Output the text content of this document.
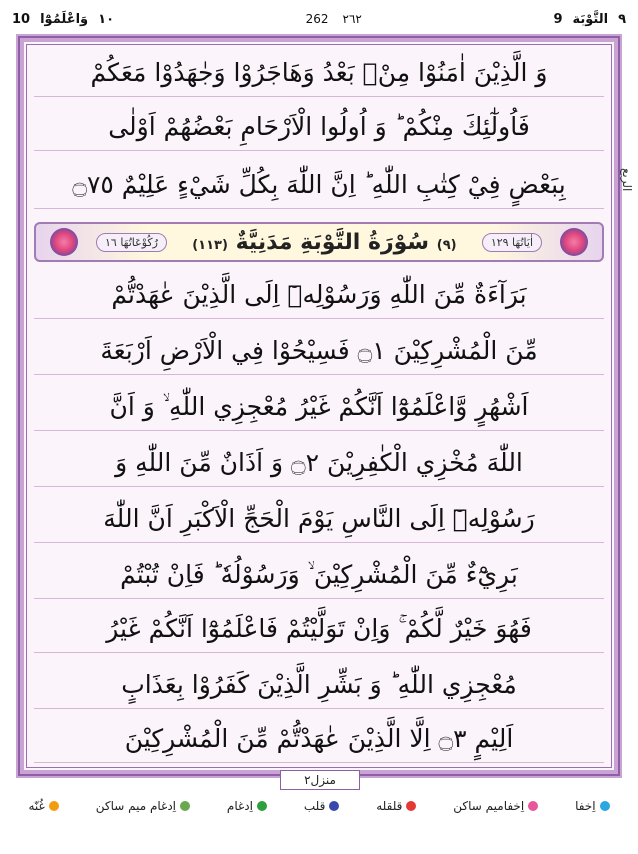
10 وَاعْلَمُوْٓا ١٠	262 ٢٦٢	9 التَّوْبَة ٩
الربع
وَ الَّذِيْنَ اٰمَنُوْا مِنْۢ بَعْدُ وَهَاجَرُوْا وَجٰهَدُوْا مَعَكُمْ
فَاُولٰٓئِكَ مِنْكُمْ ؕ وَ اُولُوا الْاَرْحَامِ بَعْضُهُمْ اَوْلٰى
بِبَعْضٍ فِيْ كِتٰبِ اللّٰهِ ؕ اِنَّ اللّٰهَ بِكُلِّ شَيْءٍ عَلِيْمٌ ۝٧٥
اٰيَاتُهَا ١٢٩
(٩) سُوْرَةُ التَّوْبَةِ مَدَنِيَّةٌ (١١٣)
رُكُوْعَاتُهَا ١٦
بَرَآءَةٌ مِّنَ اللّٰهِ وَرَسُوْلِهٖٓ اِلَى الَّذِيْنَ عٰهَدْتُّمْ
مِّنَ الْمُشْرِكِيْنَ ۝١ فَسِيْحُوْا فِي الْاَرْضِ اَرْبَعَةَ
اَشْهُرٍ وَّاعْلَمُوْٓا اَنَّكُمْ غَيْرُ مُعْجِزِي اللّٰهِ ۙ وَ اَنَّ
اللّٰهَ مُخْزِي الْكٰفِرِيْنَ ۝٢ وَ اَذَانٌ مِّنَ اللّٰهِ وَ
رَسُوْلِهٖٓ اِلَى النَّاسِ يَوْمَ الْحَجِّ الْاَكْبَرِ اَنَّ اللّٰهَ
بَرِيْٓءٌ مِّنَ الْمُشْرِكِيْنَ ۙ وَرَسُوْلُهٗ ؕ فَاِنْ تُبْتُمْ
فَهُوَ خَيْرٌ لَّكُمْ ۚ وَاِنْ تَوَلَّيْتُمْ فَاعْلَمُوْٓا اَنَّكُمْ غَيْرُ
مُعْجِزِي اللّٰهِ ؕ وَ بَشِّرِ الَّذِيْنَ كَفَرُوْا بِعَذَابٍ
اَلِيْمٍ ۝٣ اِلَّا الَّذِيْنَ عٰهَدْتُّمْ مِّنَ الْمُشْرِكِيْنَ
منزل٢
اِخفا
اِخفامیم ساکن
قلقله
قلب
اِدغام
اِدغام میم ساکن
غُنّه
